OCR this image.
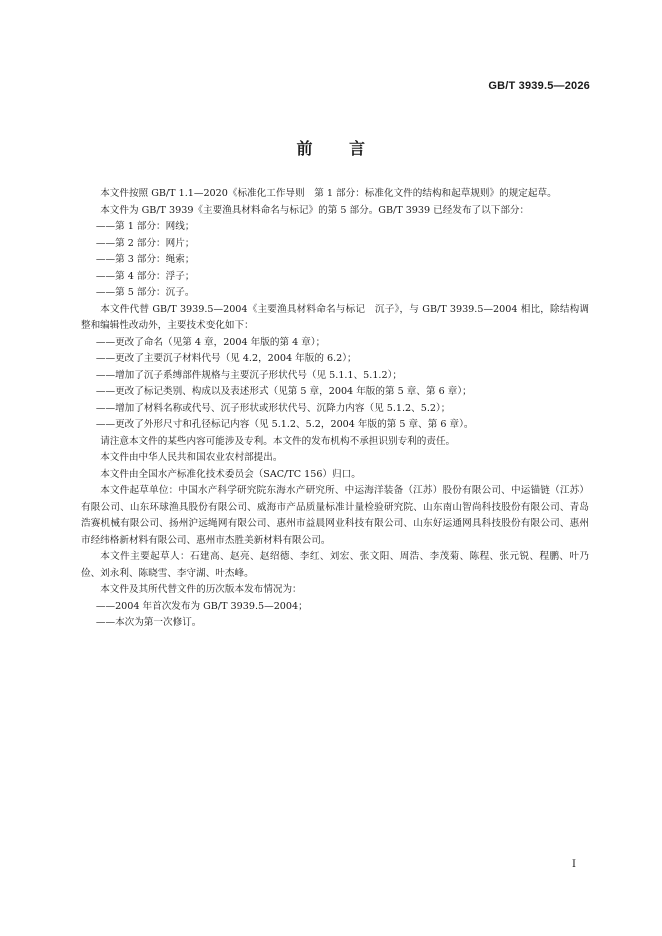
GB/T 3939.5—2026
前 言

本文件按照 GB/T 1.1—2020《标准化工作导则　第 1 部分：标准化文件的结构和起草规则》的规定起草。

本文件为 GB/T 3939《主要渔具材料命名与标记》的第 5 部分。GB/T 3939 已经发布了以下部分：

——第 1 部分：网线；

——第 2 部分：网片；

——第 3 部分：绳索；

——第 4 部分：浮子；

——第 5 部分：沉子。

本文件代替 GB/T 3939.5—2004《主要渔具材料命名与标记　沉子》，与 GB/T 3939.5—2004 相比，除结构调整和编辑性改动外，主要技术变化如下：

——更改了命名（见第 4 章，2004 年版的第 4 章）；

——更改了主要沉子材料代号（见 4.2，2004 年版的 6.2）；

——增加了沉子系缚部件规格与主要沉子形状代号（见 5.1.1、5.1.2）；

——更改了标记类别、构成以及表述形式（见第 5 章，2004 年版的第 5 章、第 6 章）；

——增加了材料名称或代号、沉子形状或形状代号、沉降力内容（见 5.1.2、5.2）；

——更改了外形尺寸和孔径标记内容（见 5.1.2、5.2，2004 年版的第 5 章、第 6 章）。

请注意本文件的某些内容可能涉及专利。本文件的发布机构不承担识别专利的责任。

本文件由中华人民共和国农业农村部提出。

本文件由全国水产标准化技术委员会（SAC/TC 156）归口。

本文件起草单位：中国水产科学研究院东海水产研究所、中运海洋装备（江苏）股份有限公司、中运锚链（江苏）有限公司、山东环球渔具股份有限公司、威海市产品质量标准计量检验研究院、山东南山智尚科技股份有限公司、青岛浩赛机械有限公司、扬州沪远绳网有限公司、惠州市益晨网业科技有限公司、山东好运通网具科技股份有限公司、惠州市经纬格新材料有限公司、惠州市杰胜美新材料有限公司。

本文件主要起草人：石建高、赵亮、赵绍德、李红、刘宏、张文阳、周浩、李茂菊、陈程、张元锐、程鹏、叶乃俭、刘永利、陈晓雪、李守湖、叶杰峰。

本文件及其所代替文件的历次版本发布情况为：

——2004 年首次发布为 GB/T 3939.5—2004；

——本次为第一次修订。

I
